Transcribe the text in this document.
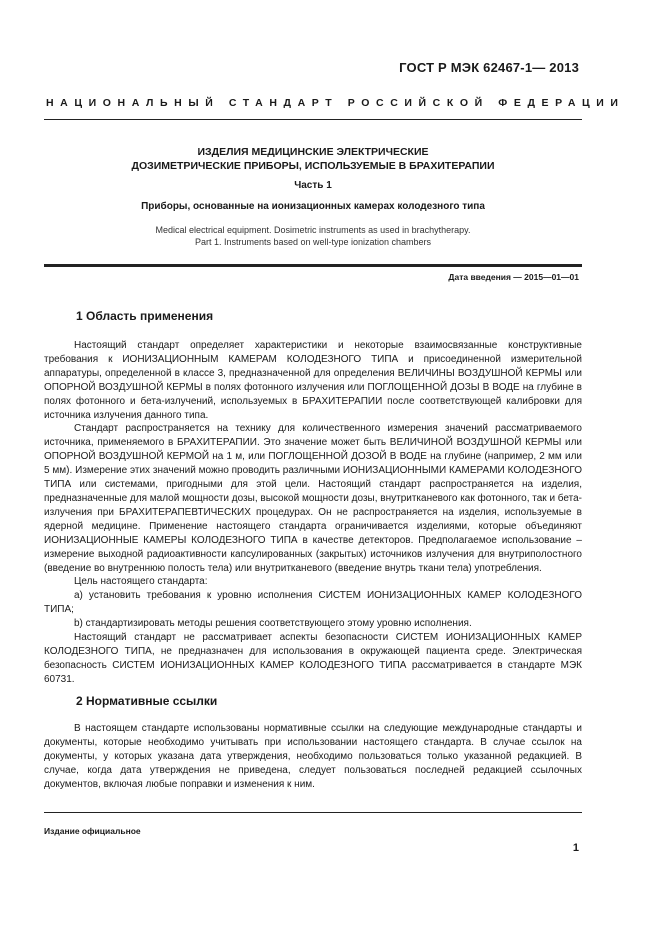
ГОСТ Р МЭК 62467-1— 2013
НАЦИОНАЛЬНЫЙ СТАНДАРТ РОССИЙСКОЙ ФЕДЕРАЦИИ
ИЗДЕЛИЯ МЕДИЦИНСКИЕ ЭЛЕКТРИЧЕСКИЕ
ДОЗИМЕТРИЧЕСКИЕ ПРИБОРЫ, ИСПОЛЬЗУЕМЫЕ В БРАХИТЕРАПИИ
Часть 1
Приборы, основанные на ионизационных камерах колодезного типа
Medical electrical equipment. Dosimetric instruments as used in brachytherapy.
Part 1. Instruments based on well-type ionization chambers
Дата введения — 2015—01—01
1 Область применения

Настоящий стандарт определяет характеристики и некоторые взаимосвязанные конструктивные требования к ИОНИЗАЦИОННЫМ КАМЕРАМ КОЛОДЕЗНОГО ТИПА и присоединенной измерительной аппаратуры, определенной в классе 3, предназначенной для определения ВЕЛИЧИНЫ ВОЗДУШНОЙ КЕРМЫ или ОПОРНОЙ ВОЗДУШНОЙ КЕРМЫ в полях фотонного излучения или ПОГЛОЩЕННОЙ ДОЗЫ В ВОДЕ на глубине в полях фотонного и бета-излучений, используемых в БРАХИТЕРАПИИ после соответствующей калибровки для источника излучения данного типа.

Стандарт распространяется на технику для количественного измерения значений рассматриваемого источника, применяемого в БРАХИТЕРАПИИ. Это значение может быть ВЕЛИЧИНОЙ ВОЗДУШНОЙ КЕРМЫ или ОПОРНОЙ ВОЗДУШНОЙ КЕРМОЙ на 1 м, или ПОГЛОЩЕННОЙ ДОЗОЙ В ВОДЕ на глубине (например, 2 мм или 5 мм). Измерение этих значений можно проводить различными ИОНИЗАЦИОННЫМИ КАМЕРАМИ КОЛОДЕЗНОГО ТИПА или системами, пригодными для этой цели. Настоящий стандарт распространяется на изделия, предназначенные для малой мощности дозы, высокой мощности дозы, внутритканевого как фотонного, так и бета-излучения при БРАХИТЕРАПЕВТИЧЕСКИХ процедурах. Он не распространяется на изделия, используемые в ядерной медицине. Применение настоящего стандарта ограничивается изделиями, которые объединяют ИОНИЗАЦИОННЫЕ КАМЕРЫ КОЛОДЕЗНОГО ТИПА в качестве детекторов. Предполагаемое использование – измерение выходной радиоактивности капсулированных (закрытых) источников излучения для внутриполостного (введение во внутреннюю полость тела) или внутритканевого (введение внутрь ткани тела) употребления.

Цель настоящего стандарта:

а) установить требования к уровню исполнения СИСТЕМ ИОНИЗАЦИОННЫХ КАМЕР КОЛОДЕЗНОГО ТИПА;

b) стандартизировать методы решения соответствующего этому уровню исполнения.

Настоящий стандарт не рассматривает аспекты безопасности СИСТЕМ ИОНИЗАЦИОННЫХ КАМЕР КОЛОДЕЗНОГО ТИПА, не предназначен для использования в окружающей пациента среде. Электрическая безопасность СИСТЕМ ИОНИЗАЦИОННЫХ КАМЕР КОЛОДЕЗНОГО ТИПА рассматривается в стандарте МЭК 60731.

2 Нормативные ссылки

В настоящем стандарте использованы нормативные ссылки на следующие международные стандарты и документы, которые необходимо учитывать при использовании настоящего стандарта. В случае ссылок на документы, у которых указана дата утверждения, необходимо пользоваться только указанной редакцией. В случае, когда дата утверждения не приведена, следует пользоваться последней редакцией ссылочных документов, включая любые поправки и изменения к ним.

Издание официальное
1
